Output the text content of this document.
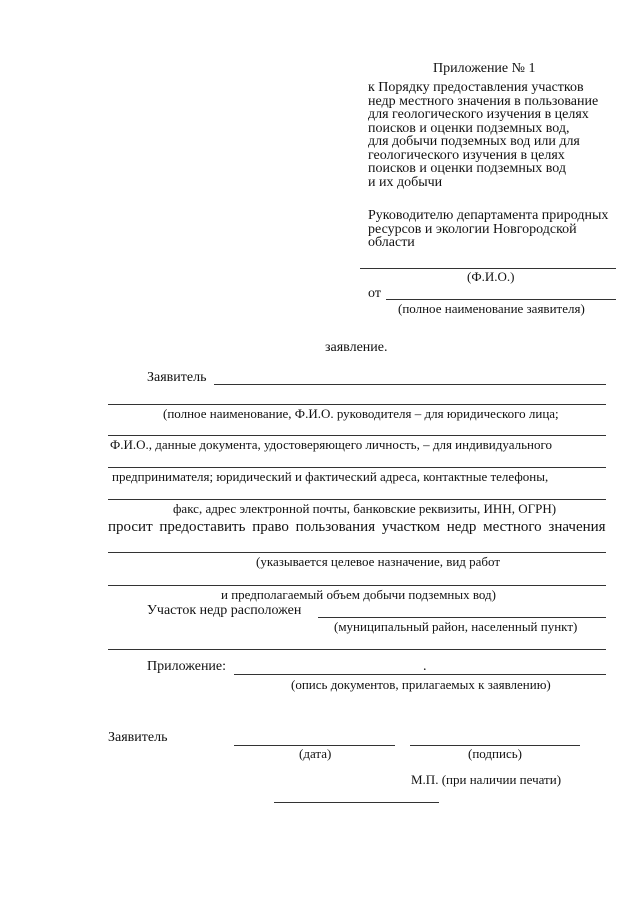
Приложение № 1
к Порядку предоставления участков
недр местного значения в пользование
для геологического изучения в целях
поисков и оценки подземных вод,
для добычи подземных вод или для
геологического изучения в целях
поисков и оценки подземных вод
и их добычи
Руководителю департамента природных
ресурсов и экологии Новгородской
области
(Ф.И.О.)
от
(полное наименование заявителя)
заявление.
Заявитель
(полное наименование, Ф.И.О. руководителя – для юридического лица;
Ф.И.О., данные документа, удостоверяющего личность, – для индивидуального
предпринимателя; юридический и фактический адреса, контактные телефоны,
факс, адрес электронной почты, банковские реквизиты, ИНН, ОГРН)
просит предоставить право пользования участком недр местного значения
(указывается целевое назначение, вид работ
и предполагаемый объем добычи подземных вод)
Участок недр расположен
(муниципальный район, населенный пункт)
Приложение:	.
(опись документов, прилагаемых к заявлению)
Заявитель
(дата)	(подпись)
М.П. (при наличии печати)
